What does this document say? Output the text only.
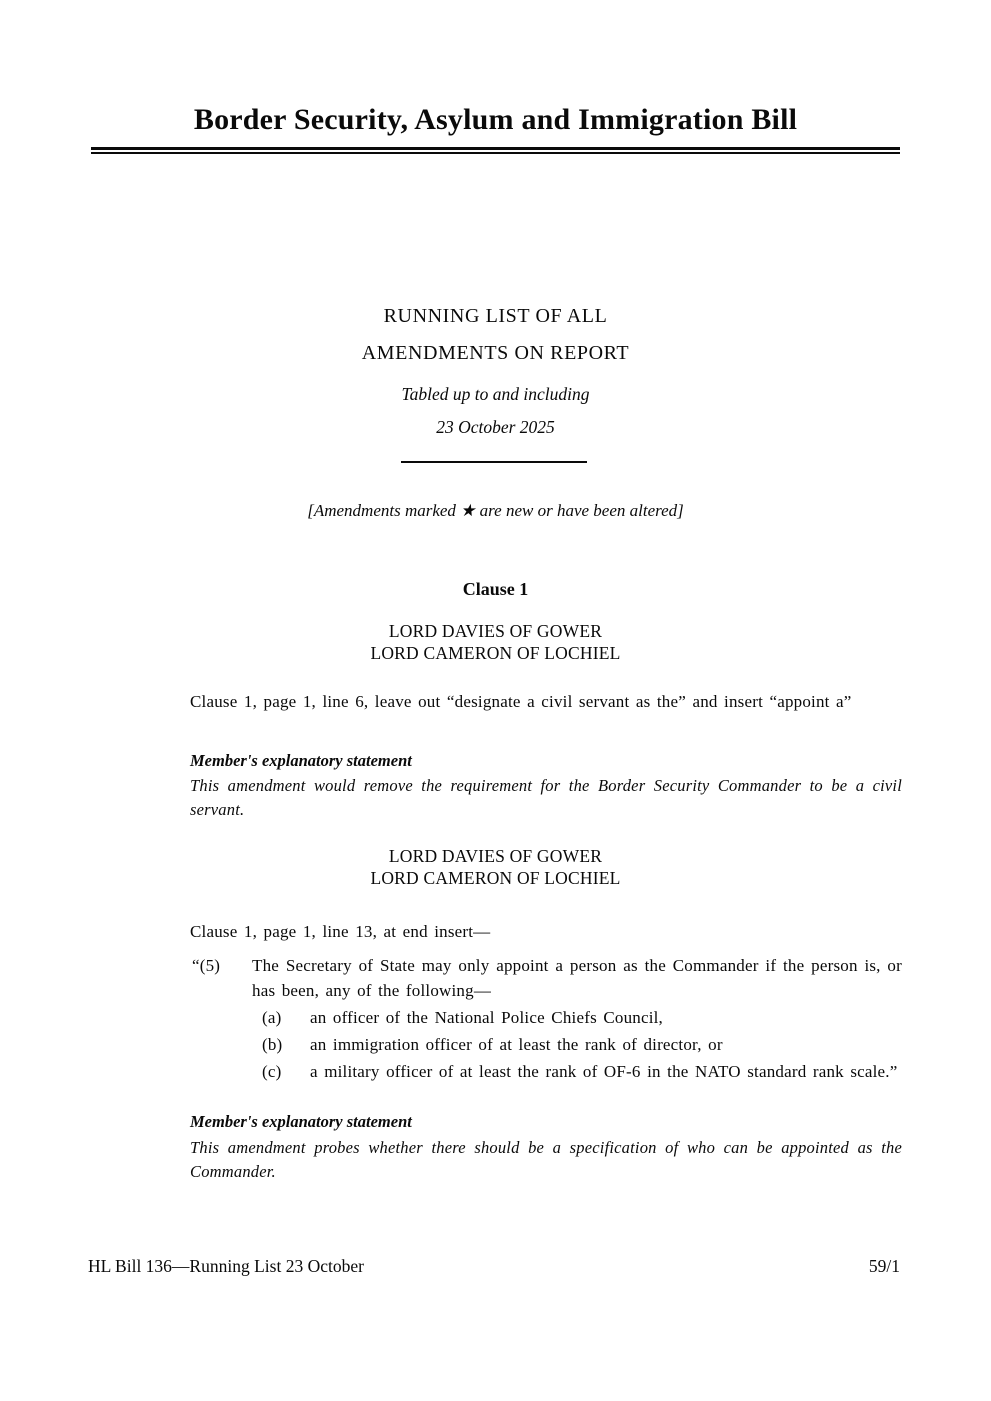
Border Security, Asylum and Immigration Bill
RUNNING LIST OF ALL
AMENDMENTS ON REPORT
Tabled up to and including
23 October 2025
[Amendments marked ★ are new or have been altered]
Clause 1
LORD DAVIES OF GOWER
LORD CAMERON OF LOCHIEL
Clause 1, page 1, line 6, leave out “designate a civil servant as the” and insert “appoint a”
Member's explanatory statement
This amendment would remove the requirement for the Border Security Commander to be a civil servant.
LORD DAVIES OF GOWER
LORD CAMERON OF LOCHIEL
Clause 1, page 1, line 13, at end insert—
“(5) The Secretary of State may only appoint a person as the Commander if the person is, or has been, any of the following—
(a) an officer of the National Police Chiefs Council,
(b) an immigration officer of at least the rank of director, or
(c) a military officer of at least the rank of OF-6 in the NATO standard rank scale.”
Member's explanatory statement
This amendment probes whether there should be a specification of who can be appointed as the Commander.
HL Bill 136—Running List 23 October	59/1
